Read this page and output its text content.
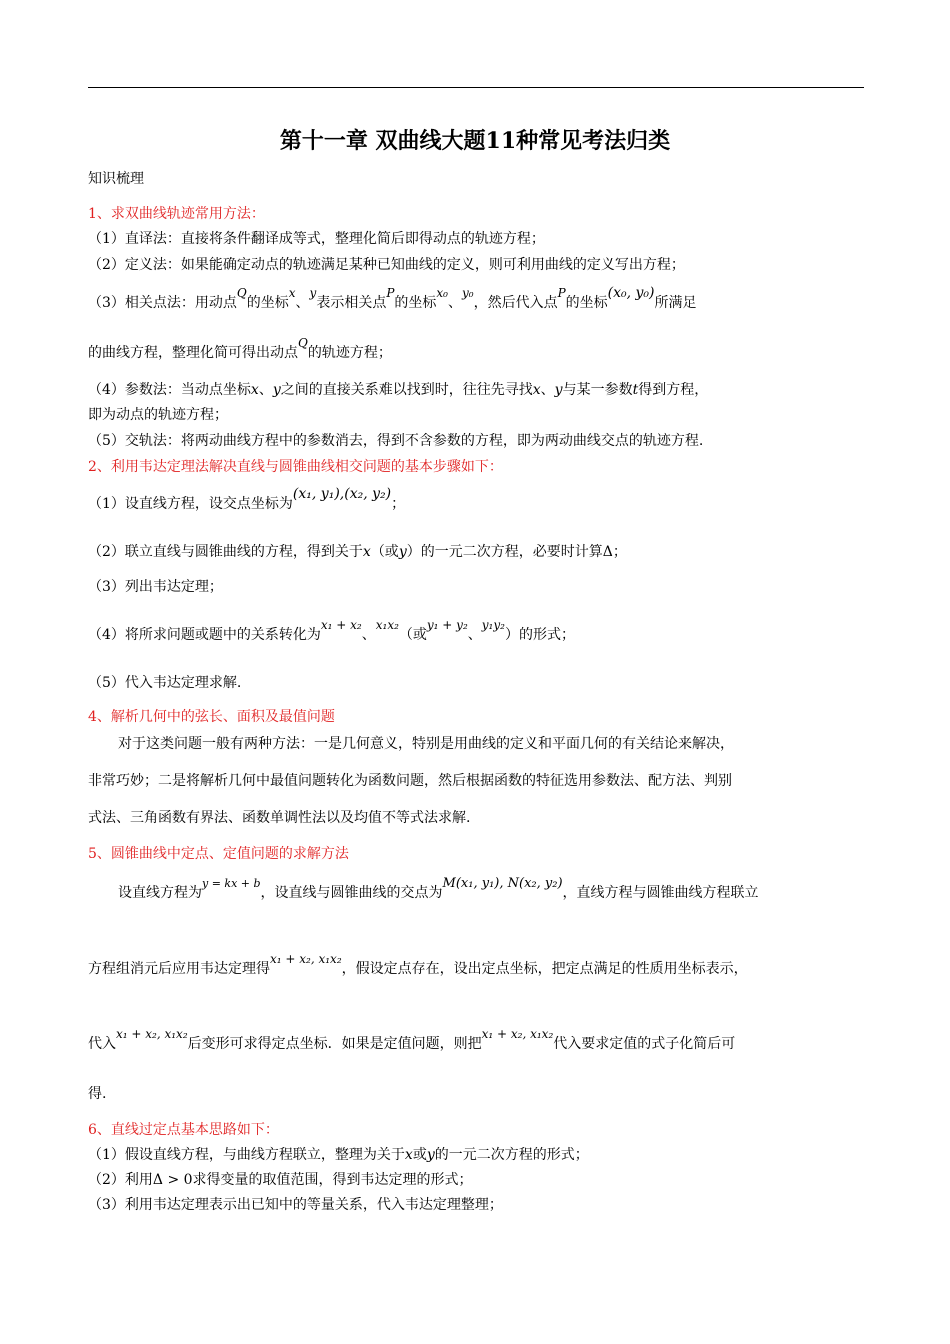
第十一章 双曲线大题11种常见考法归类
知识梳理
1、求双曲线轨迹常用方法：
（1）直译法：直接将条件翻译成等式，整理化简后即得动点的轨迹方程；
（2）定义法：如果能确定动点的轨迹满足某种已知曲线的定义，则可利用曲线的定义写出方程；
（3）相关点法：用动点Q的坐标x、y表示相关点P的坐标x₀、y₀，然后代入点P的坐标(x₀, y₀)所满足
的曲线方程，整理化简可得出动点Q的轨迹方程；
（4）参数法：当动点坐标x、y之间的直接关系难以找到时，往往先寻找x、y与某一参数t得到方程，
即为动点的轨迹方程；
（5）交轨法：将两动曲线方程中的参数消去，得到不含参数的方程，即为两动曲线交点的轨迹方程.
2、利用韦达定理法解决直线与圆锥曲线相交问题的基本步骤如下：
（1）设直线方程，设交点坐标为(x₁, y₁),(x₂, y₂)；
（2）联立直线与圆锥曲线的方程，得到关于x（或y）的一元二次方程，必要时计算Δ；
（3）列出韦达定理；
（4）将所求问题或题中的关系转化为x₁ + x₂、x₁x₂（或y₁ + y₂、y₁y₂）的形式；
（5）代入韦达定理求解.
4、解析几何中的弦长、面积及最值问题
对于这类问题一般有两种方法：一是几何意义，特别是用曲线的定义和平面几何的有关结论来解决，
非常巧妙；二是将解析几何中最值问题转化为函数问题，然后根据函数的特征选用参数法、配方法、判别
式法、三角函数有界法、函数单调性法以及均值不等式法求解.
5、圆锥曲线中定点、定值问题的求解方法
设直线方程为$^{y = kx + b}$，设直线与圆锥曲线的交点为M(x₁, y₁), N(x₂, y₂)，直线方程与圆锥曲线方程联立
方程组消元后应用韦达定理得x₁ + x₂, x₁x₂，假设定点存在，设出定点坐标，把定点满足的性质用坐标表示，
代入x₁ + x₂, x₁x₂后变形可求得定点坐标．如果是定值问题，则把x₁ + x₂, x₁x₂代入要求定值的式子化简后可
得.
6、直线过定点基本思路如下：
（1）假设直线方程，与曲线方程联立，整理为关于x或y的一元二次方程的形式；
（2）利用Δ > 0求得变量的取值范围，得到韦达定理的形式；
（3）利用韦达定理表示出已知中的等量关系，代入韦达定理整理；
